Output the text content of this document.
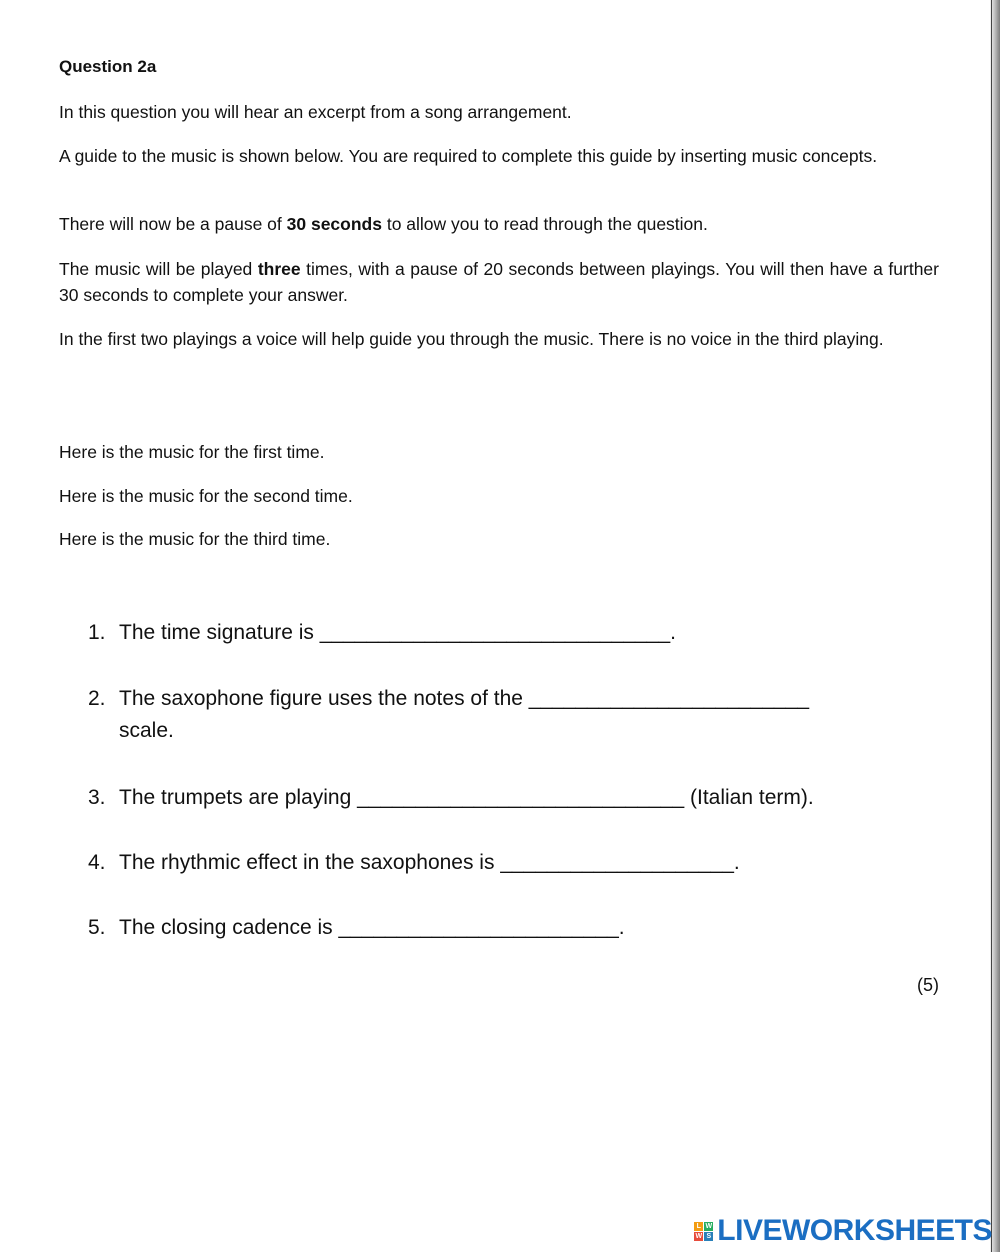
Question 2a
In this question you will hear an excerpt from a song arrangement.
A guide to the music is shown below. You are required to complete this guide by inserting music concepts.
There will now be a pause of 30 seconds to allow you to read through the question.
The music will be played three times, with a pause of 20 seconds between playings. You will then have a further 30 seconds to complete your answer.
In the first two playings a voice will help guide you through the music. There is no voice in the third playing.
Here is the music for the first time.
Here is the music for the second time.
Here is the music for the third time.
1. The time signature is ______________________________.
2. The saxophone figure uses the notes of the ________________________
scale.
3. The trumpets are playing ____________________________ (Italian term).
4. The rhythmic effect in the saxophones is ____________________.
5. The closing cadence is ________________________.
(5)
L W
W S LIVEWORKSHEETS
